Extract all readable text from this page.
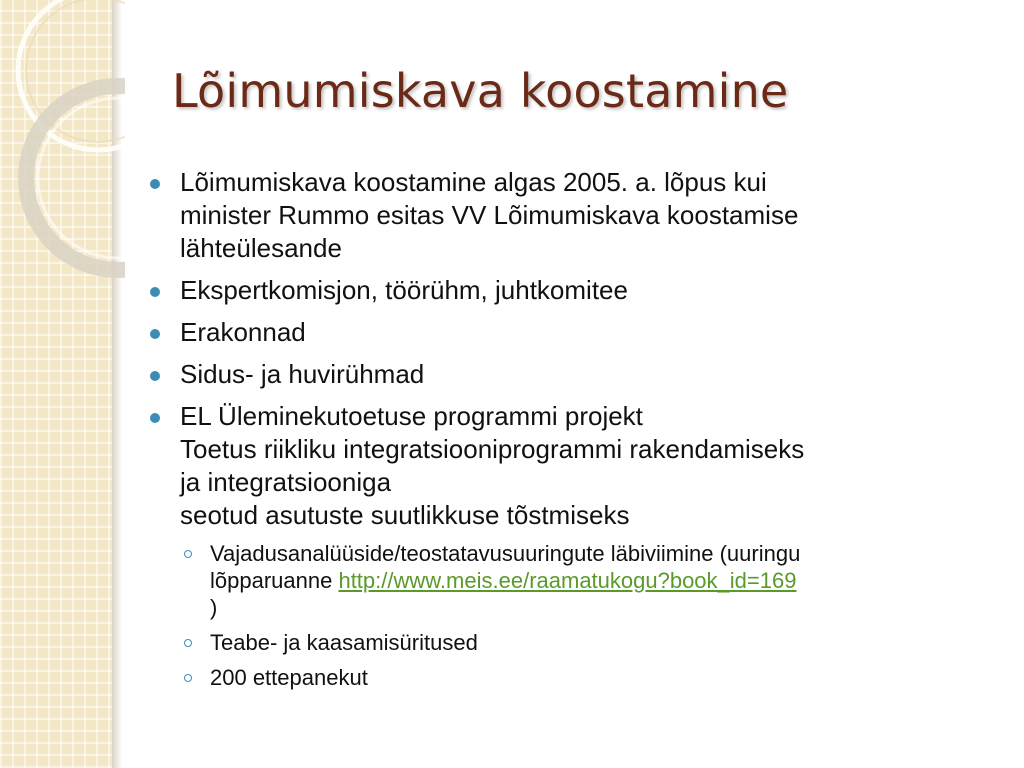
Lõimumiskava koostamine
Lõimumiskava koostamine algas 2005. a. lõpus kui
minister Rummo esitas VV Lõimumiskava koostamise
lähteülesande
Ekspertkomisjon, töörühm, juhtkomitee
Erakonnad
Sidus- ja huvirühmad
EL Üleminekutoetuse programmi projekt
Toetus riikliku integratsiooniprogrammi rakendamiseks
ja integratsiooniga
seotud asutuste suutlikkuse tõstmiseks
Vajadusanalüüside/teostatavusuuringute läbiviimine (uuringu
lõpparuanne http://www.meis.ee/raamatukogu?book_id=169
)
Teabe- ja kaasamisüritused
200 ettepanekut
